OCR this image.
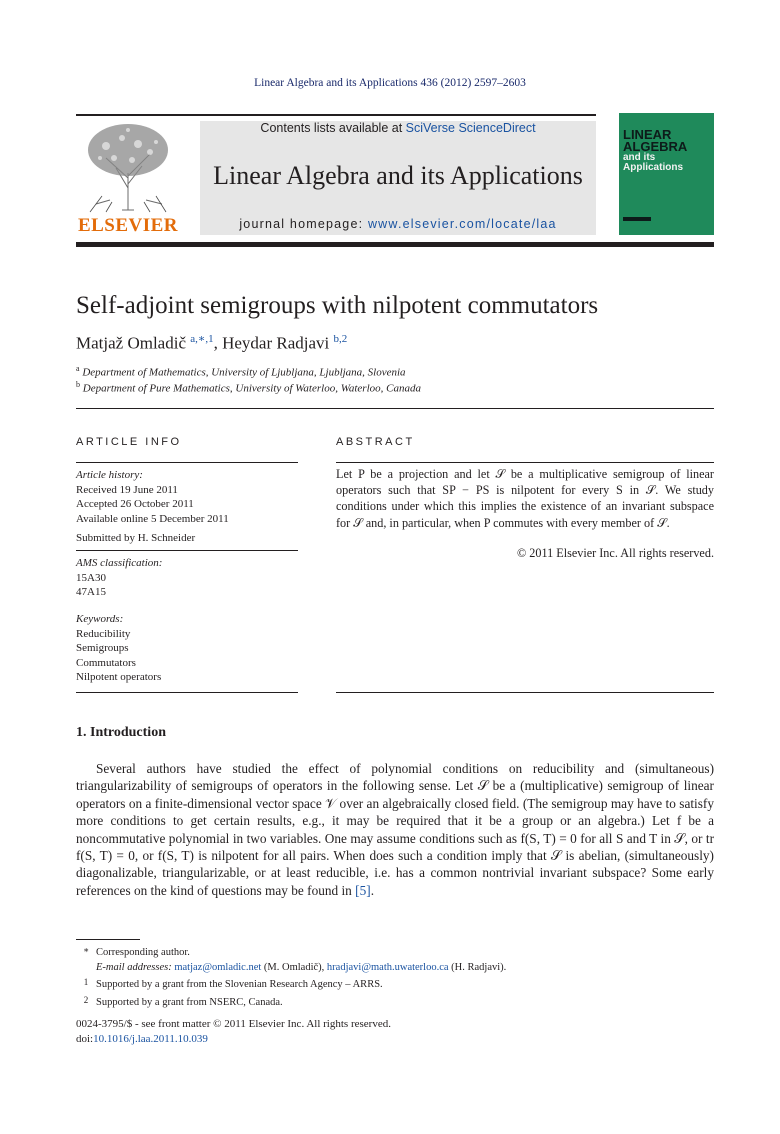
Linear Algebra and its Applications 436 (2012) 2597–2603
ELSEVIER
Contents lists available at SciVerse ScienceDirect
Linear Algebra and its Applications
journal homepage: www.elsevier.com/locate/laa
LINEAR
ALGEBRA
and its
Applications
Self-adjoint semigroups with nilpotent commutators
Matjaž Omladič $^{a,∗,1}$, Heydar Radjavi $^{b,2}$
$^a$ Department of Mathematics, University of Ljubljana, Ljubljana, Slovenia
$^b$ Department of Pure Mathematics, University of Waterloo, Waterloo, Canada
ARTICLE INFO	ABSTRACT
Article history:
Received 19 June 2011
Accepted 26 October 2011
Available online 5 December 2011
Submitted by H. Schneider
AMS classification:
15A30
47A15
Keywords:
Reducibility
Semigroups
Commutators
Nilpotent operators
Let P be a projection and let 𝒮 be a multiplicative semigroup of linear operators such that SP − PS is nilpotent for every S in 𝒮. We study conditions under which this implies the existence of an invariant subspace for 𝒮 and, in particular, when P commutes with every member of 𝒮.
© 2011 Elsevier Inc. All rights reserved.
1. Introduction
Several authors have studied the effect of polynomial conditions on reducibility and (simultaneous) triangularizability of semigroups of operators in the following sense. Let 𝒮 be a (multiplicative) semigroup of linear operators on a finite-dimensional vector space 𝒱 over an algebraically closed field. (The semigroup may have to satisfy more conditions to get certain results, e.g., it may be required that it be a group or an algebra.) Let f be a noncommutative polynomial in two variables. One may assume conditions such as f(S, T) = 0 for all S and T in 𝒮, or tr f(S, T) = 0, or f(S, T) is nilpotent for all pairs. When does such a condition imply that 𝒮 is abelian, (simultaneously) diagonalizable, triangularizable, or at least reducible, i.e. has a common nontrivial invariant subspace? Some early references on the kind of questions may be found in [5].
∗ Corresponding author.
E-mail addresses: matjaz@omladic.net (M. Omladič), hradjavi@math.uwaterloo.ca (H. Radjavi).
1 Supported by a grant from the Slovenian Research Agency – ARRS.
2 Supported by a grant from NSERC, Canada.
0024-3795/$ - see front matter © 2011 Elsevier Inc. All rights reserved.
doi:10.1016/j.laa.2011.10.039
